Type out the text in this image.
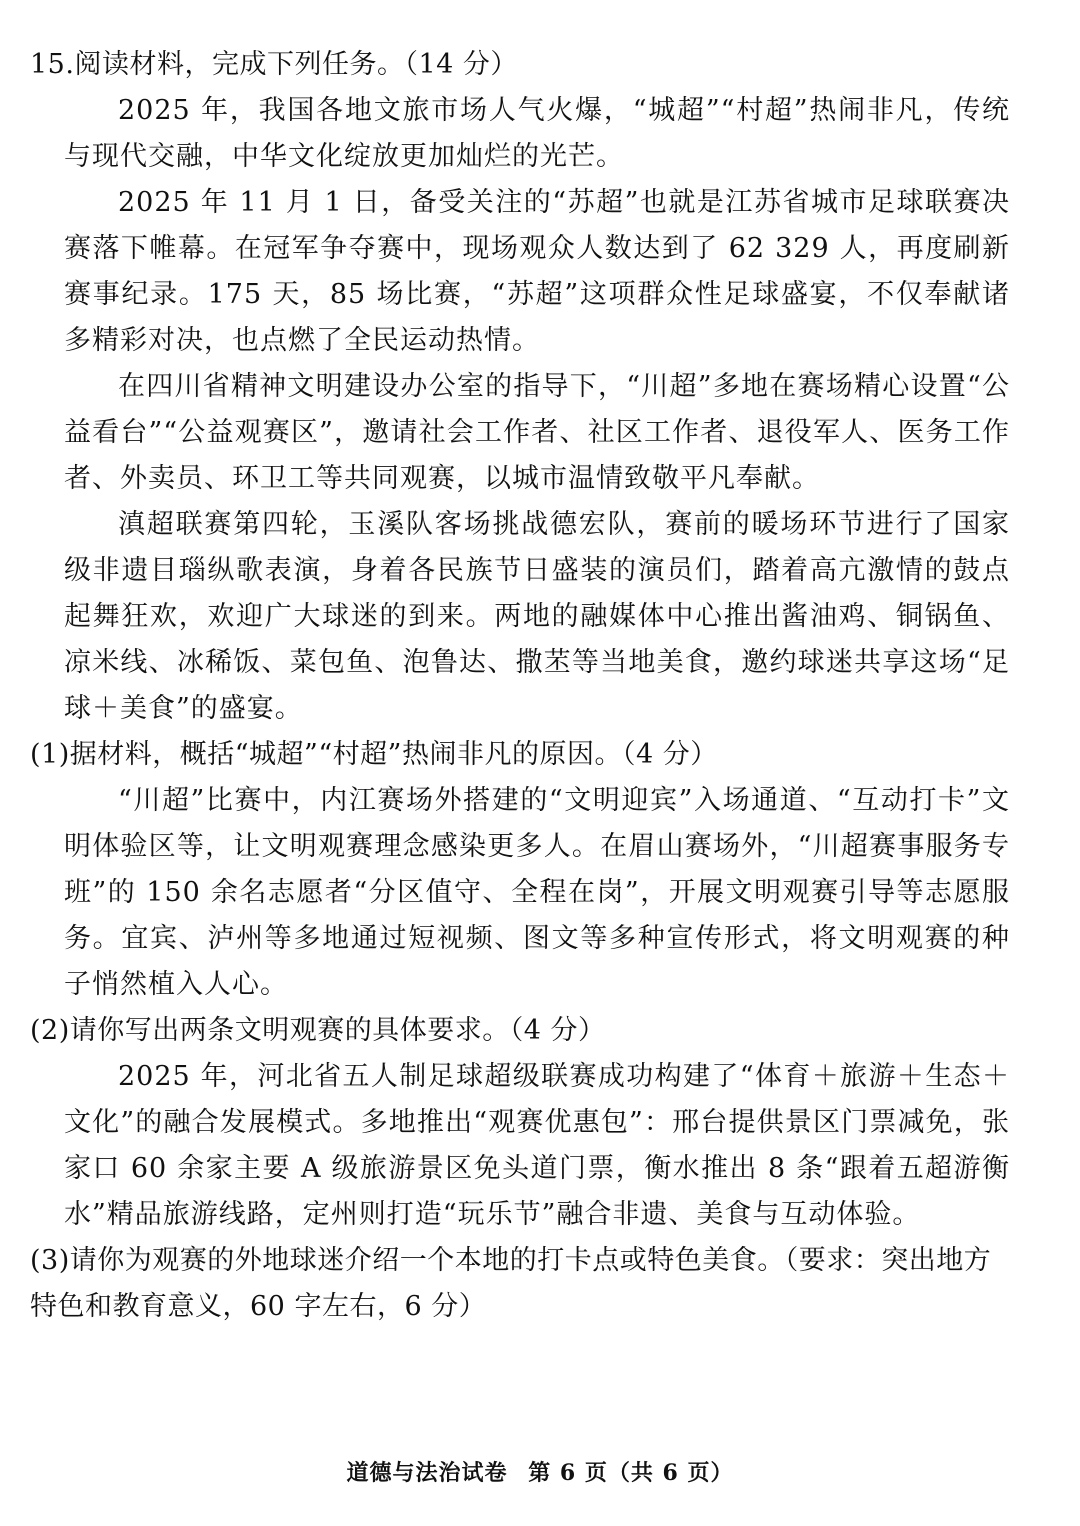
15.阅读材料，完成下列任务。（14 分）

2025 年，我国各地文旅市场人气火爆，“城超”“村超”热闹非凡，传统与现代交融，中华文化绽放更加灿烂的光芒。

2025 年 11 月 1 日，备受关注的“苏超”也就是江苏省城市足球联赛决赛落下帷幕。在冠军争夺赛中，现场观众人数达到了 62 329 人，再度刷新赛事纪录。175 天，85 场比赛，“苏超”这项群众性足球盛宴，不仅奉献诸多精彩对决，也点燃了全民运动热情。

在四川省精神文明建设办公室的指导下，“川超”多地在赛场精心设置“公益看台”“公益观赛区”，邀请社会工作者、社区工作者、退役军人、医务工作者、外卖员、环卫工等共同观赛，以城市温情致敬平凡奉献。

滇超联赛第四轮，玉溪队客场挑战德宏队，赛前的暖场环节进行了国家级非遗目瑙纵歌表演，身着各民族节日盛装的演员们，踏着高亢激情的鼓点起舞狂欢，欢迎广大球迷的到来。两地的融媒体中心推出酱油鸡、铜锅鱼、凉米线、冰稀饭、菜包鱼、泡鲁达、撒苤等当地美食，邀约球迷共享这场“足球＋美食”的盛宴。

(1)据材料，概括“城超”“村超”热闹非凡的原因。（4 分）

“川超”比赛中，内江赛场外搭建的“文明迎宾”入场通道、“互动打卡”文明体验区等，让文明观赛理念感染更多人。在眉山赛场外，“川超赛事服务专班”的 150 余名志愿者“分区值守、全程在岗”，开展文明观赛引导等志愿服务。宜宾、泸州等多地通过短视频、图文等多种宣传形式，将文明观赛的种子悄然植入人心。

(2)请你写出两条文明观赛的具体要求。（4 分）

2025 年，河北省五人制足球超级联赛成功构建了“体育＋旅游＋生态＋文化”的融合发展模式。多地推出“观赛优惠包”：邢台提供景区门票减免，张家口 60 余家主要 A 级旅游景区免头道门票，衡水推出 8 条“跟着五超游衡水”精品旅游线路，定州则打造“玩乐节”融合非遗、美食与互动体验。

(3)请你为观赛的外地球迷介绍一个本地的打卡点或特色美食。（要求：突出地方特色和教育意义，60 字左右，6 分）

道德与法治试卷 第 6 页（共 6 页）
